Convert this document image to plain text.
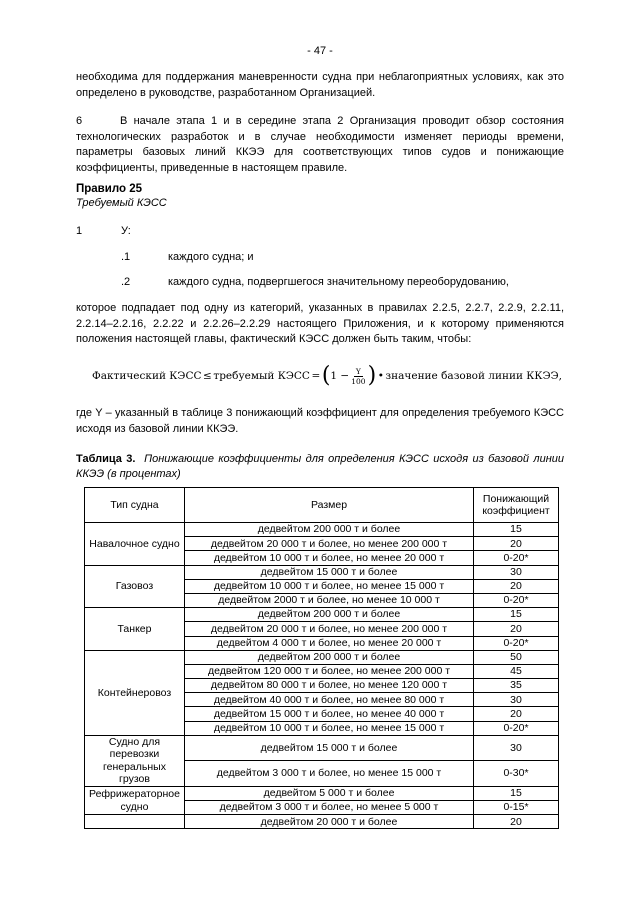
- 47 -
необходима для поддержания маневренности судна при неблагоприятных условиях, как это определено в руководстве, разработанном Организацией.
6	В начале этапа 1 и в середине этапа 2 Организация проводит обзор состояния технологических разработок и в случае необходимости изменяет периоды времени, параметры базовых линий ККЭЭ для соответствующих типов судов и понижающие коэффициенты, приведенные в настоящем правиле.
Правило 25
Требуемый КЭСС
1	У:
.1	каждого судна; и
.2	каждого судна, подвергшегося значительному переоборудованию,
которое подпадает под одну из категорий, указанных в правилах 2.2.5, 2.2.7, 2.2.9, 2.2.11, 2.2.14–2.2.16, 2.2.22 и 2.2.26–2.2.29 настоящего Приложения, и к которому применяются положения настоящей главы, фактический КЭСС должен быть таким, чтобы:
Фактический КЭСС ≤ требуемый КЭСС = ( $1 - \frac{Y}{100}$ ) • значение базовой линии ККЭЭ,
где Y – указанный в таблице 3 понижающий коэффициент для определения требуемого КЭСС исходя из базовой линии ККЭЭ.
Таблица 3. Понижающие коэффициенты для определения КЭСС исходя из базовой линии ККЭЭ (в процентах)
Тип судна	Размер	Понижающий коэффициент
Навалочное судно	дедвейтом 200 000 т и более	15
	дедвейтом 20 000 т и более, но менее 200 000 т	20
	дедвейтом 10 000 т и более, но менее 20 000 т	0-20*
Газовоз	дедвейтом 15 000 т и более	30
	дедвейтом 10 000 т и более, но менее 15 000 т	20
	дедвейтом 2000 т и более, но менее 10 000 т	0-20*
Танкер	дедвейтом 200 000 т и более	15
	дедвейтом 20 000 т и более, но менее 200 000 т	20
	дедвейтом 4 000 т и более, но менее 20 000 т	0-20*
Контейнеровоз	дедвейтом 200 000 т и более	50
	дедвейтом 120 000 т и более, но менее 200 000 т	45
	дедвейтом 80 000 т и более, но менее 120 000 т	35
	дедвейтом 40 000 т и более, но менее 80 000 т	30
	дедвейтом 15 000 т и более, но менее 40 000 т	20
	дедвейтом 10 000 т и более, но менее 15 000 т	0-20*
Судно для перевозки генеральных грузов	дедвейтом 15 000 т и более	30
	дедвейтом 3 000 т и более, но менее 15 000 т	0-30*
Рефрижераторное судно	дедвейтом 5 000 т и более	15
	дедвейтом 3 000 т и более, но менее 5 000 т	0-15*
	дедвейтом 20 000 т и более	20
